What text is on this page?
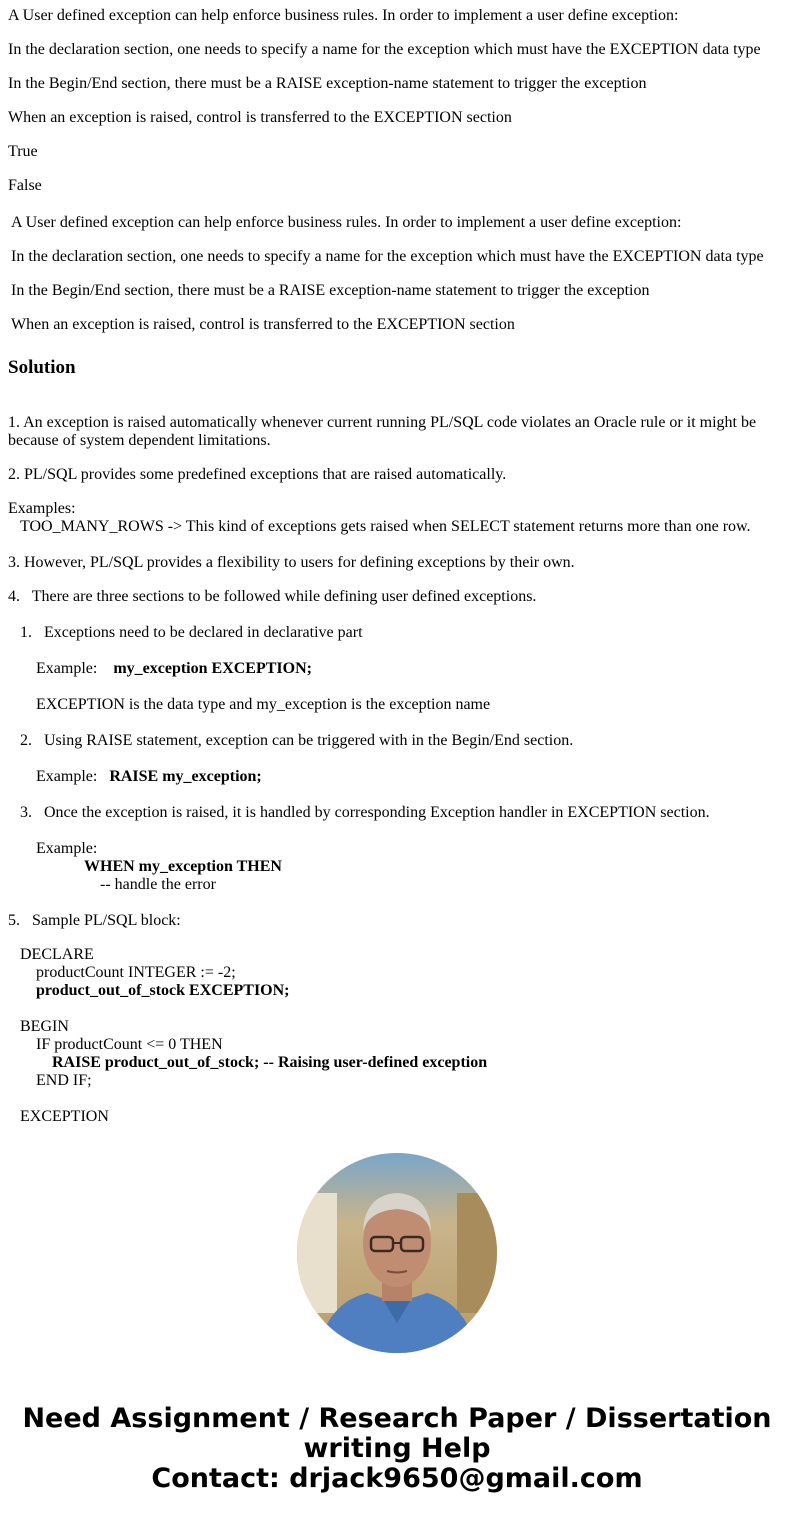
A User defined exception can help enforce business rules. In order to implement a user define exception:
In the declaration section, one needs to specify a name for the exception which must have the EXCEPTION data type
In the Begin/End section, there must be a RAISE exception-name statement to trigger the exception
When an exception is raised, control is transferred to the EXCEPTION section
True
False
A User defined exception can help enforce business rules. In order to implement a user define exception:
In the declaration section, one needs to specify a name for the exception which must have the EXCEPTION data type
In the Begin/End section, there must be a RAISE exception-name statement to trigger the exception
When an exception is raised, control is transferred to the EXCEPTION section
Solution
1. An exception is raised automatically whenever current running PL/SQL code violates an Oracle rule or it might be because of system dependent limitations.
2. PL/SQL provides some predefined exceptions that are raised automatically.
Examples:
TOO_MANY_ROWS -> This kind of exceptions gets raised when SELECT statement returns more than one row.
3. However, PL/SQL provides a flexibility to users for defining exceptions by their own.
4.   There are three sections to be followed while defining user defined exceptions.
1.   Exceptions need to be declared in declarative part
Example: my_exception EXCEPTION;
EXCEPTION is the data type and my_exception is the exception name
2.   Using RAISE statement, exception can be triggered with in the Begin/End section.
Example: RAISE my_exception;
3.   Once the exception is raised, it is handled by corresponding Exception handler in EXCEPTION section.
Example:
WHEN my_exception THEN
-- handle the error
5.   Sample PL/SQL block:
DECLARE
productCount INTEGER := -2;
product_out_of_stock EXCEPTION;
BEGIN
IF productCount <= 0 THEN
RAISE product_out_of_stock; -- Raising user-defined exception
END IF;
EXCEPTION
Need Assignment / Research Paper / Dissertation
writing Help
Contact: drjack9650@gmail.com
